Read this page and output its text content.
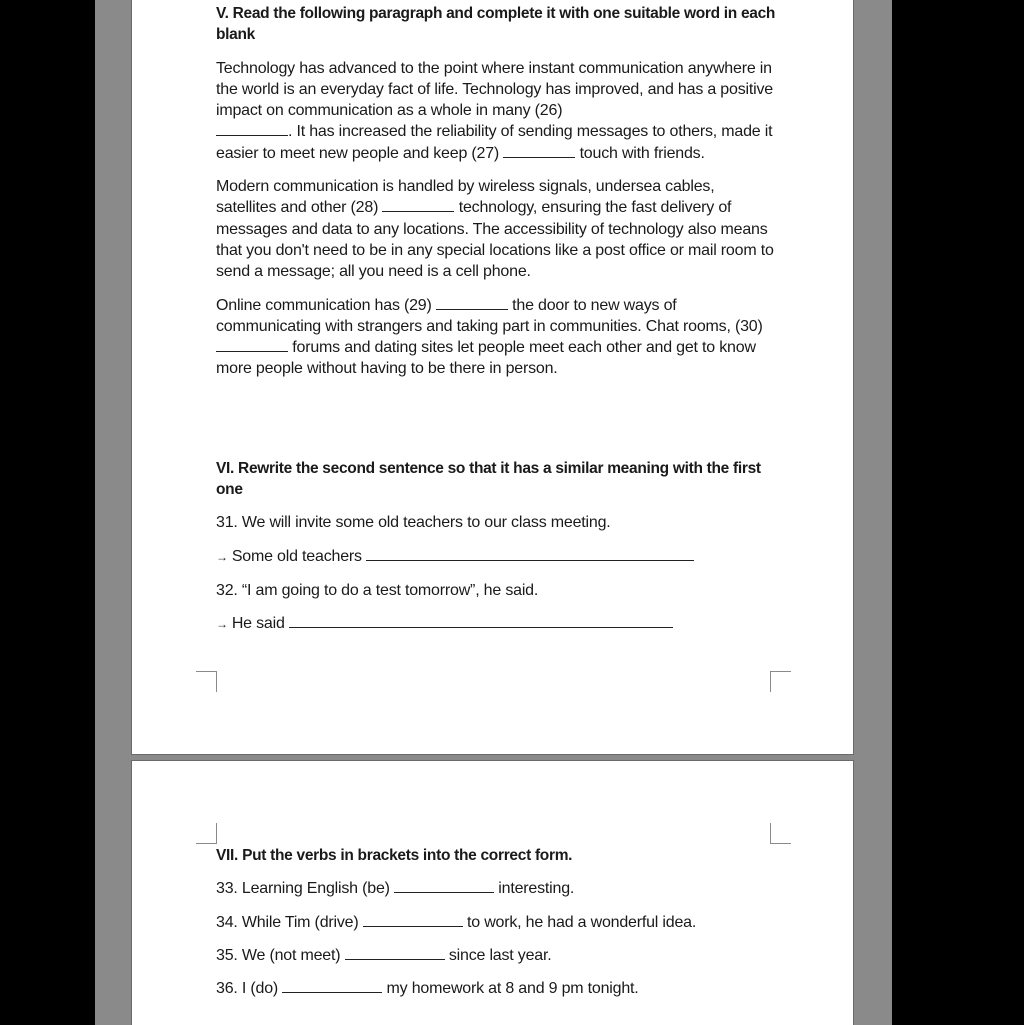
V. Read the following paragraph and complete it with one suitable word in each blank

Technology has advanced to the point where instant communication anywhere in the world is an everyday fact of life. Technology has improved, and has a positive impact on communication as a whole in many (26)
. It has increased the reliability of sending messages to others, made it easier to meet new people and keep (27)	touch with friends.

Modern communication is handled by wireless signals, undersea cables, satellites and other (28)	technology, ensuring the fast delivery of messages and data to any locations. The accessibility of technology also means that you don't need to be in any special locations like a post office or mail room to send a message; all you need is a cell phone.

Online communication has (29)	the door to new ways of communicating with strangers and taking part in communities. Chat rooms, (30)  forums and dating sites let people meet each other and get to know more people without having to be there in person.

VI. Rewrite the second sentence so that it has a similar meaning with the first one

31. We will invite some old teachers to our class meeting.

→ Some old teachers

32. “I am going to do a test tomorrow”, he said.

→ He said

VII. Put the verbs in brackets into the correct form.

33. Learning English (be)	interesting.

34. While Tim (drive)	to work, he had a wonderful idea.

35. We (not meet)	since last year.

36. I (do)	my homework at 8 and 9 pm tonight.
